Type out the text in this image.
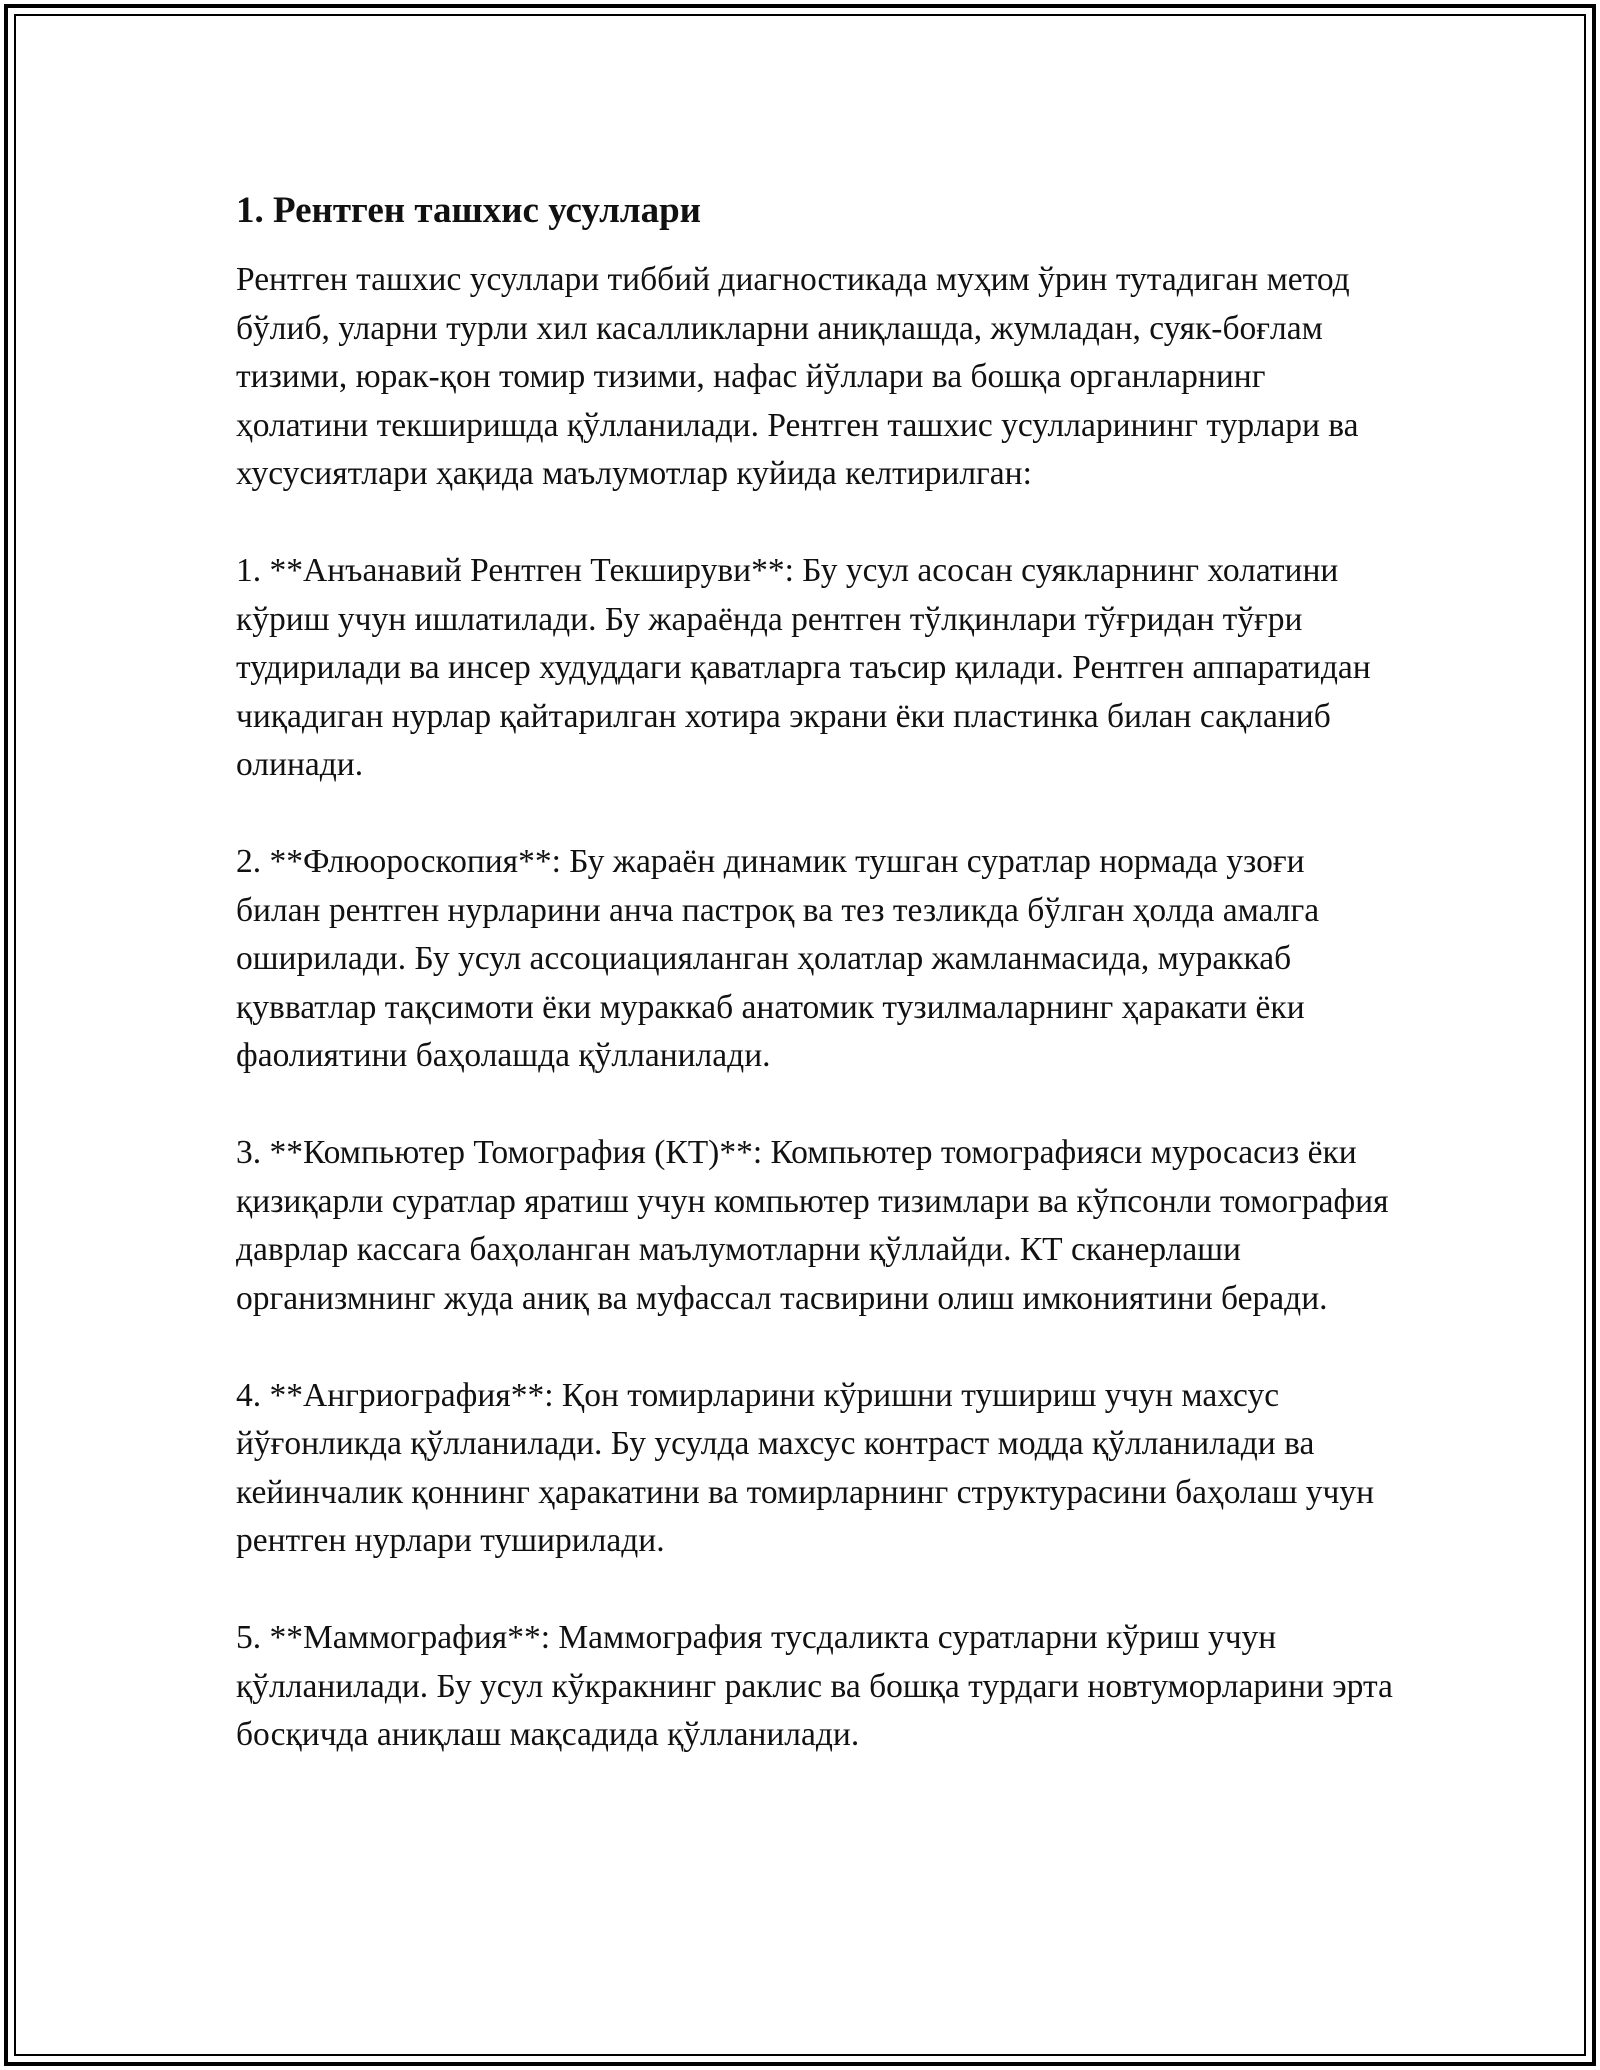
1. Рентген ташхис усуллари

Рентген ташхис усуллари тиббий диагностикада муҳим ўрин тутадиган метод бўлиб, уларни турли хил касалликларни аниқлашда, жумладан, суяк-боғлам тизими, юрак-қон томир тизими, нафас йўллари ва бошқа органларнинг ҳолатини текширишда қўлланилади. Рентген ташхис усулларининг турлари ва хусусиятлари ҳақида маълумотлар куйида келтирилган:

1. **Анъанавий Рентген Текшируви**: Бу усул асосан суякларнинг холатини кўриш учун ишлатилади. Бу жараёнда рентген тўлқинлари тўғридан тўғри тудирилади ва инсер худуддаги қаватларга таъсир қилади. Рентген аппаратидан чиқадиган нурлар қайтарилган хотира экрани ёки пластинка билан сақланиб олинади.

2. **Флюороскопия**: Бу жараён динамик тушган суратлар нормада узоғи билан рентген нурларини анча пастроқ ва тез тезликда бўлган ҳолда амалга оширилади. Бу усул ассоциацияланган ҳолатлар жамланмасида, мураккаб қувватлар тақсимоти ёки мураккаб анатомик тузилмаларнинг ҳаракати ёки фаолиятини баҳолашда қўлланилади.

3. **Компьютер Томография (КТ)**: Компьютер томографияси муросасиз ёки қизиқарли суратлар яратиш учун компьютер тизимлари ва кўпсонли томография даврлар кассага баҳоланган маълумотларни қўллайди. КТ сканерлаши организмнинг жуда аниқ ва муфассал тасвирини олиш имкониятини беради.

4. **Ангриография**: Қон томирларини кўришни тушириш учун махсус йўғонликда қўлланилади. Бу усулда махсус контраст модда қўлланилади ва кейинчалик қоннинг ҳаракатини ва томирларнинг структурасини баҳолаш учун рентген нурлари туширилади.

5. **Маммография**: Маммография тусдаликта суратларни кўриш учун қўлланилади. Бу усул кўкракнинг раклис ва бошқа турдаги новтуморларини эрта босқичда аниқлаш мақсадида қўлланилади.
